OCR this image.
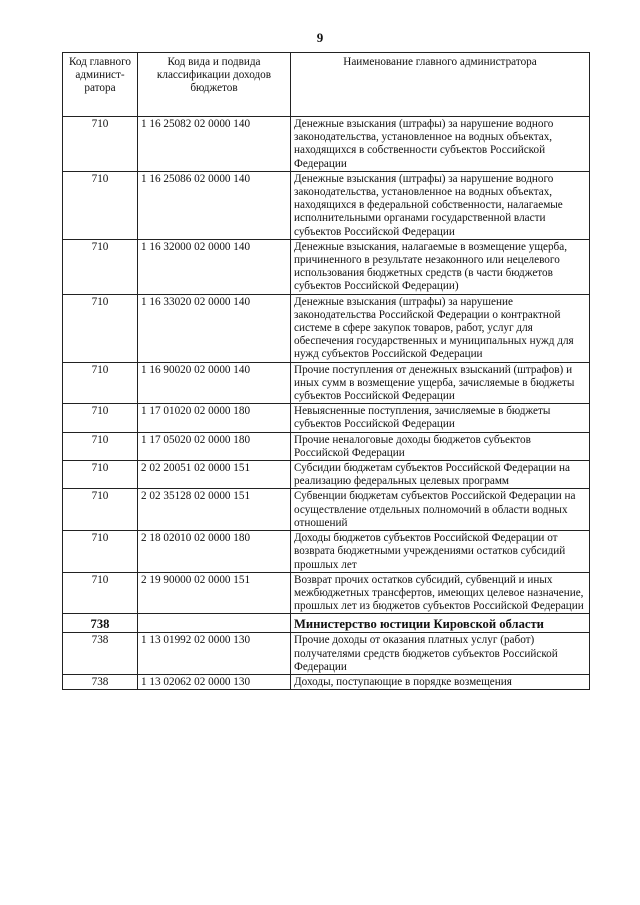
9
Код главного админист-ратора	Код вида и подвида классификации доходов бюджетов	Наименование главного администратора
710	1 16 25082 02 0000 140	Денежные взыскания (штрафы) за нарушение водного законодательства, установленное на водных объектах, находящихся в собственности субъектов Российской Федерации
710	1 16 25086 02 0000 140	Денежные взыскания (штрафы) за нарушение водного законодательства, установленное на водных объектах, находящихся в федеральной собственности, налагаемые исполнительными органами государственной власти субъектов Российской Федерации
710	1 16 32000 02 0000 140	Денежные взыскания, налагаемые в возмещение ущерба, причиненного в результате незаконного или нецелевого использования бюджетных средств (в части бюджетов субъектов Российской Федерации)
710	1 16 33020 02 0000 140	Денежные взыскания (штрафы) за нарушение законодательства Российской Федерации о контрактной системе в сфере закупок товаров, работ, услуг для обеспечения государственных и муниципальных нужд для нужд субъектов Российской Федерации
710	1 16 90020 02 0000 140	Прочие поступления от денежных взысканий (штрафов) и иных сумм в возмещение ущерба, зачисляемые в бюджеты субъектов Российской Федерации
710	1 17 01020 02 0000 180	Невыясненные поступления, зачисляемые в бюджеты субъектов Российской Федерации
710	1 17 05020 02 0000 180	Прочие неналоговые доходы бюджетов субъектов Российской Федерации
710	2 02 20051 02 0000 151	Субсидии бюджетам субъектов Российской Федерации на реализацию федеральных целевых программ
710	2 02 35128 02 0000 151	Субвенции бюджетам субъектов Российской Федерации на осуществление отдельных полномочий в области водных отношений
710	2 18 02010 02 0000 180	Доходы бюджетов субъектов Российской Федерации от возврата бюджетными учреждениями остатков субсидий прошлых лет
710	2 19 90000 02 0000 151	Возврат прочих остатков субсидий, субвенций и иных межбюджетных трансфертов, имеющих целевое назначение, прошлых лет из бюджетов субъектов Российской Федерации
738		Министерство юстиции Кировской области
738	1 13 01992 02 0000 130	Прочие доходы от оказания платных услуг (работ) получателями средств бюджетов субъектов Российской Федерации
738	1 13 02062 02 0000 130	Доходы, поступающие в порядке возмещения
